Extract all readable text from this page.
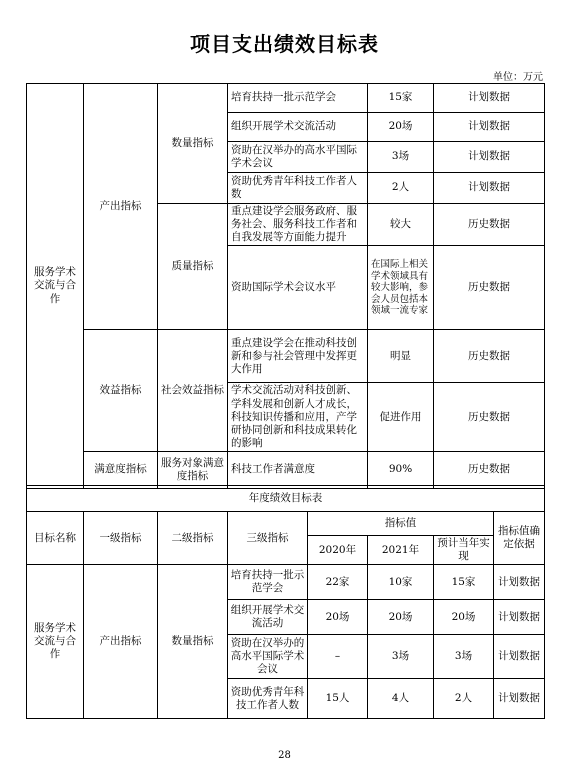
项目支出绩效目标表
单位：万元
服务学术交流与合作	产出指标	数量指标	培育扶持一批示范学会	15家	计划数据
			组织开展学术交流活动	20场	计划数据
			资助在汉举办的高水平国际学术会议	3场	计划数据
			资助优秀青年科技工作者人数	2人	计划数据
		质量指标	重点建设学会服务政府、服务社会、服务科技工作者和自我发展等方面能力提升	较大	历史数据
			资助国际学术会议水平	在国际上相关学术领域具有较大影响，参会人员包括本领域一流专家	历史数据
	效益指标	社会效益指标	重点建设学会在推动科技创新和参与社会管理中发挥更大作用	明显	历史数据
			学术交流活动对科技创新、学科发展和创新人才成长，科技知识传播和应用，产学研协同创新和科技成果转化的影响	促进作用	历史数据
	满意度指标	服务对象满意度指标	科技工作者满意度	90%	历史数据
年度绩效目标表							
目标名称	一级指标	二级指标	三级指标	指标值			指标值确定依据
				2020年	2021年	预计当年实现	
服务学术交流与合作	产出指标	数量指标	培育扶持一批示范学会	22家	10家	15家	计划数据
			组织开展学术交流活动	20场	20场	20场	计划数据
			资助在汉举办的高水平国际学术会议	–	3场	3场	计划数据
			资助优秀青年科技工作者人数	15人	4人	2人	计划数据
28
